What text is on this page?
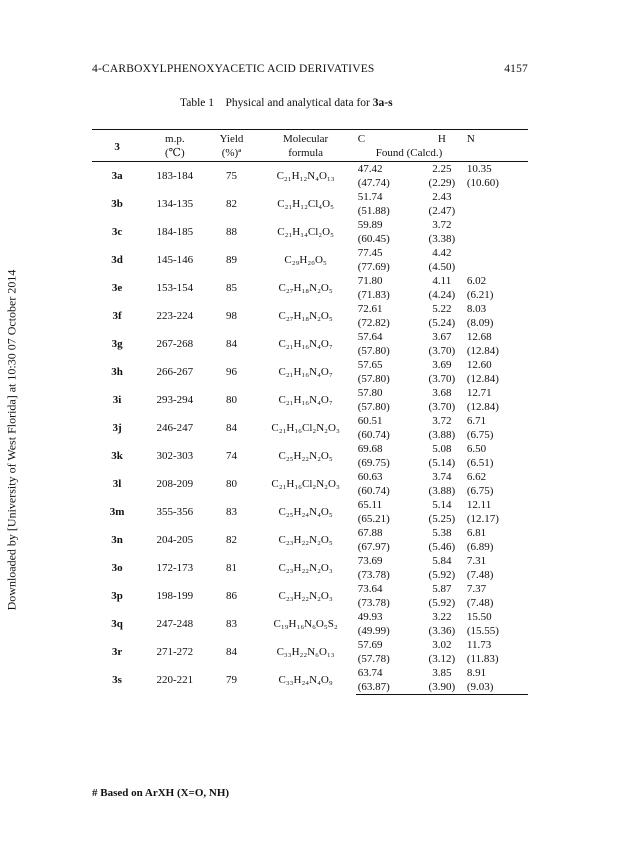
4-CARBOXYLPHENOXYACETIC ACID DERIVATIVES	4157
Downloaded by [University of West Florida] at 10:30 07 October 2014
Table 1 Physical and analytical data for 3a-s
3	m.p.	Yield	Molecular	C	H	N
	(℃)	(%)ª	formula	Found (Calcd.)		
3a	183-184	75	C₂₁H₁₂N₄O₁₃	47.42	2.25	10.35
				(47.74)	(2.29)	(10.60)
3b	134-135	82	C₂₁H₁₂Cl₄O₅	51.74	2.43	
				(51.88)	(2.47)	
3c	184-185	88	C₂₁H₁₄Cl₂O₅	59.89	3.72	
				(60.45)	(3.38)	
3d	145-146	89	C₂₉H₂₀O₅	77.45	4.42	
				(77.69)	(4.50)	
3e	153-154	85	C₂₇H₁₈N₂O₅	71.80	4.11	6.02
				(71.83)	(4.24)	(6.21)
3f	223-224	98	C₂₇H₁₈N₂O₅	72.61	5.22	8.03
				(72.82)	(5.24)	(8.09)
3g	267-268	84	C₂₁H₁₆N₄O₇	57.64	3.67	12.68
				(57.80)	(3.70)	(12.84)
3h	266-267	96	C₂₁H₁₆N₄O₇	57.65	3.69	12.60
				(57.80)	(3.70)	(12.84)
3i	293-294	80	C₂₁H₁₆N₄O₇	57.80	3.68	12.71
				(57.80)	(3.70)	(12.84)
3j	246-247	84	C₂₁H₁₆Cl₂N₂O₃	60.51	3.72	6.71
				(60.74)	(3.88)	(6.75)
3k	302-303	74	C₂₅H₂₂N₂O₅	69.68	5.08	6.50
				(69.75)	(5.14)	(6.51)
3l	208-209	80	C₂₁H₁₆Cl₂N₂O₃	60.63	3.74	6.62
				(60.74)	(3.88)	(6.75)
3m	355-356	83	C₂₅H₂₄N₄O₅	65.11	5.14	12.11
				(65.21)	(5.25)	(12.17)
3n	204-205	82	C₂₃H₂₂N₂O₅	67.88	5.38	6.81
				(67.97)	(5.46)	(6.89)
3o	172-173	81	C₂₃H₂₂N₂O₃	73.69	5.84	7.31
				(73.78)	(5.92)	(7.48)
3p	198-199	86	C₂₃H₂₂N₂O₃	73.64	5.87	7.37
				(73.78)	(5.92)	(7.48)
3q	247-248	83	C₁₉H₁₆N₆O₅S₂	49.93	3.22	15.50
				(49.99)	(3.36)	(15.55)
3r	271-272	84	C₃₃H₂₂N₆O₁₃	57.69	3.02	11.73
				(57.78)	(3.12)	(11.83)
3s	220-221	79	C₃₃H₂₄N₄O₉	63.74	3.85	8.91
				(63.87)	(3.90)	(9.03)
# Based on ArXH (X=O, NH)
